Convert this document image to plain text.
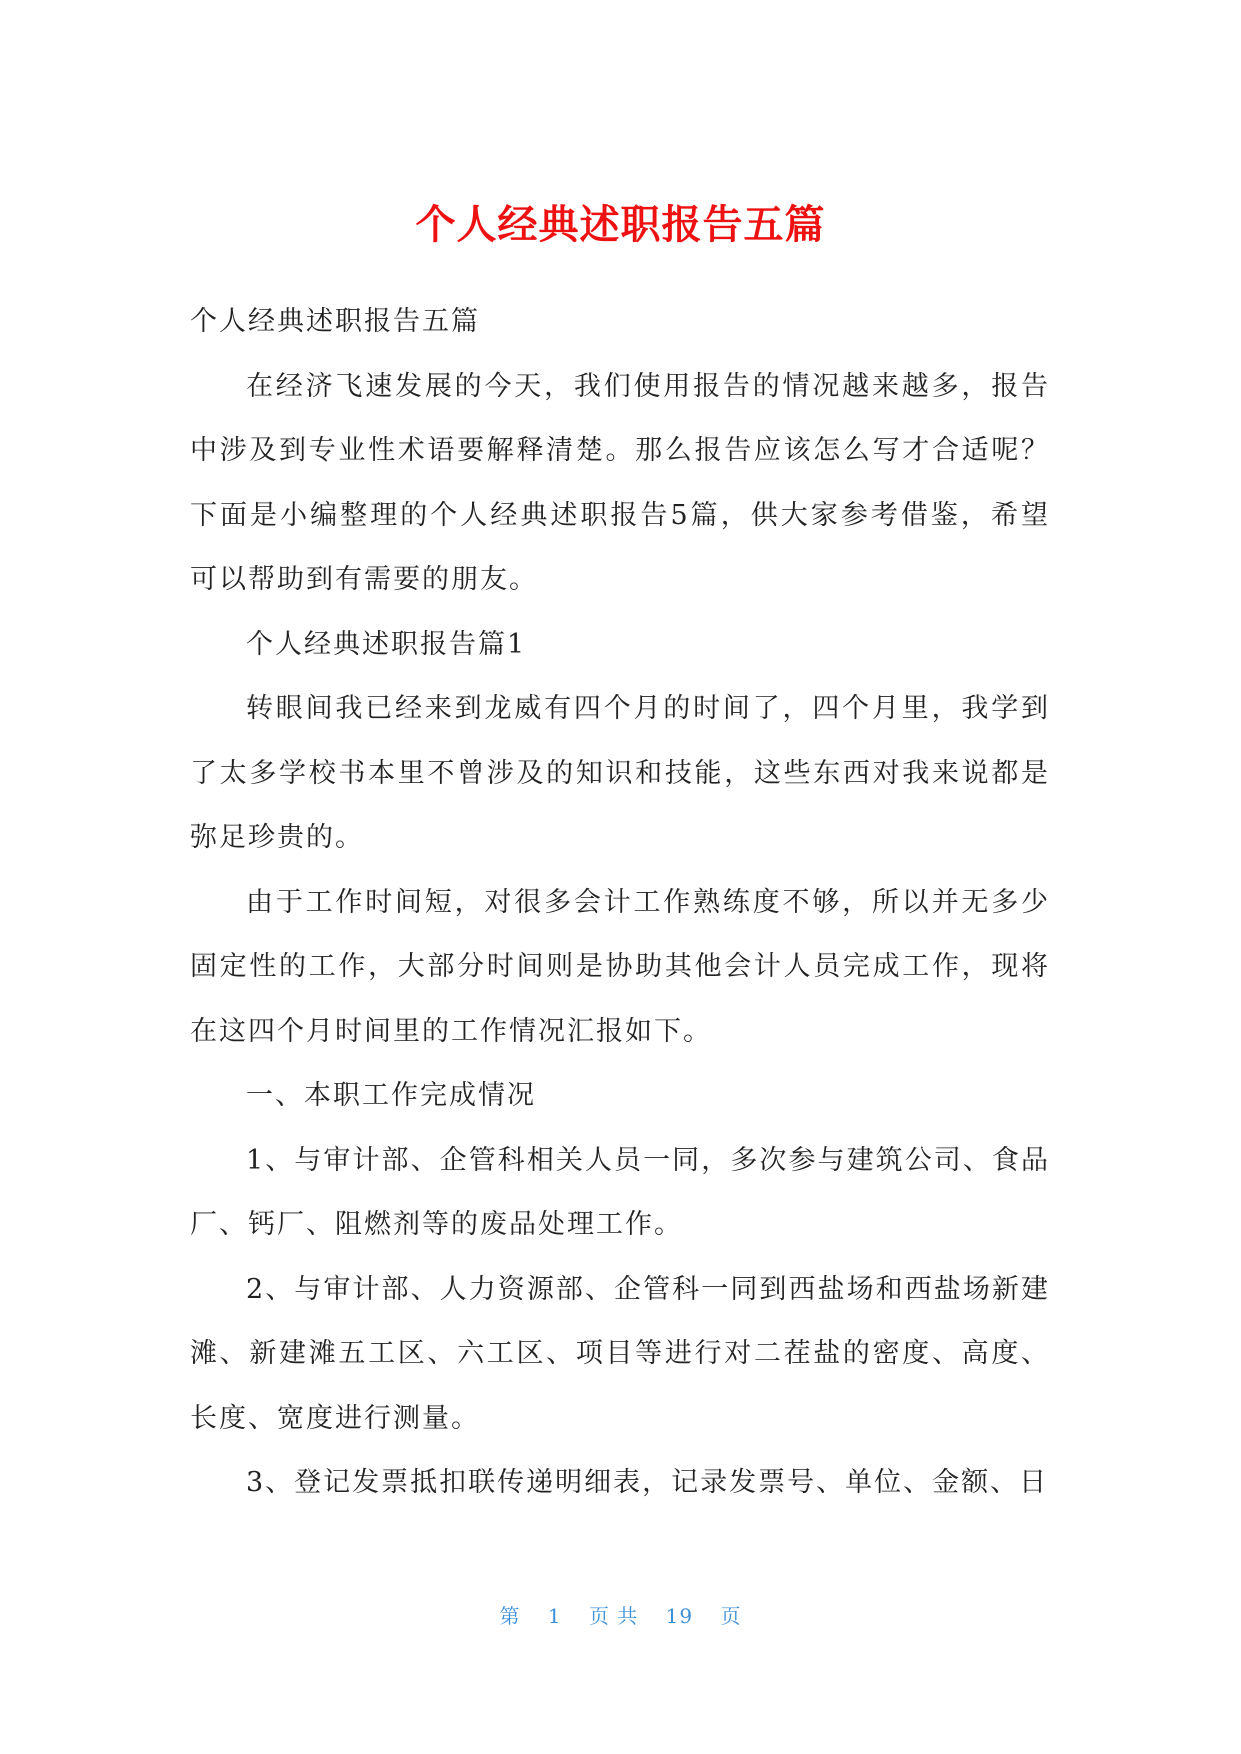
个人经典述职报告五篇

个人经典述职报告五篇

在经济飞速发展的今天，我们使用报告的情况越来越多，报告中涉及到专业性术语要解释清楚。那么报告应该怎么写才合适呢？下面是小编整理的个人经典述职报告5篇，供大家参考借鉴，希望可以帮助到有需要的朋友。

个人经典述职报告篇1

转眼间我已经来到龙威有四个月的时间了，四个月里，我学到了太多学校书本里不曾涉及的知识和技能，这些东西对我来说都是弥足珍贵的。

由于工作时间短，对很多会计工作熟练度不够，所以并无多少固定性的工作，大部分时间则是协助其他会计人员完成工作，现将在这四个月时间里的工作情况汇报如下。

一、本职工作完成情况

1、与审计部、企管科相关人员一同，多次参与建筑公司、食品厂、钙厂、阻燃剂等的废品处理工作。

2、与审计部、人力资源部、企管科一同到西盐场和西盐场新建滩、新建滩五工区、六工区、项目等进行对二茬盐的密度、高度、长度、宽度进行测量。

3、登记发票抵扣联传递明细表，记录发票号、单位、金额、日

第 1 页 共 19 页
